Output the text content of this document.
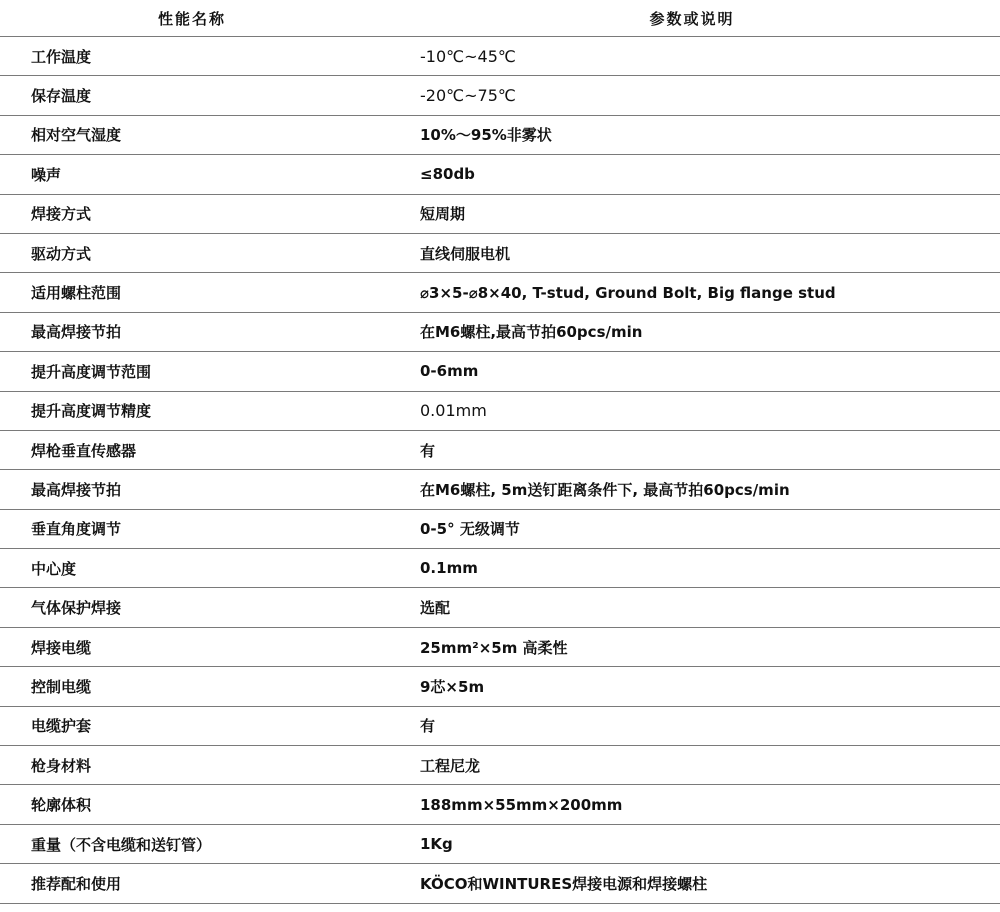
性能名称	参数或说明
工作温度	-10℃~45℃
保存温度	-20℃~75℃
相对空气湿度	10%～95%非雾状
噪声	≤80db
焊接方式	短周期
驱动方式	直线伺服电机
适用螺柱范围	⌀3×5-⌀8×40, T-stud, Ground Bolt, Big flange stud
最高焊接节拍	在M6螺柱,最高节拍60pcs/min
提升高度调节范围	0-6mm
提升高度调节精度	0.01mm
焊枪垂直传感器	有
最高焊接节拍	在M6螺柱, 5m送钉距离条件下, 最高节拍60pcs/min
垂直角度调节	0-5° 无级调节
中心度	0.1mm
气体保护焊接	选配
焊接电缆	25mm²×5m 高柔性
控制电缆	9芯×5m
电缆护套	有
枪身材料	工程尼龙
轮廓体积	188mm×55mm×200mm
重量（不含电缆和送钉管）	1Kg
推荐配和使用	KÖCO和WINTURES焊接电源和焊接螺柱
